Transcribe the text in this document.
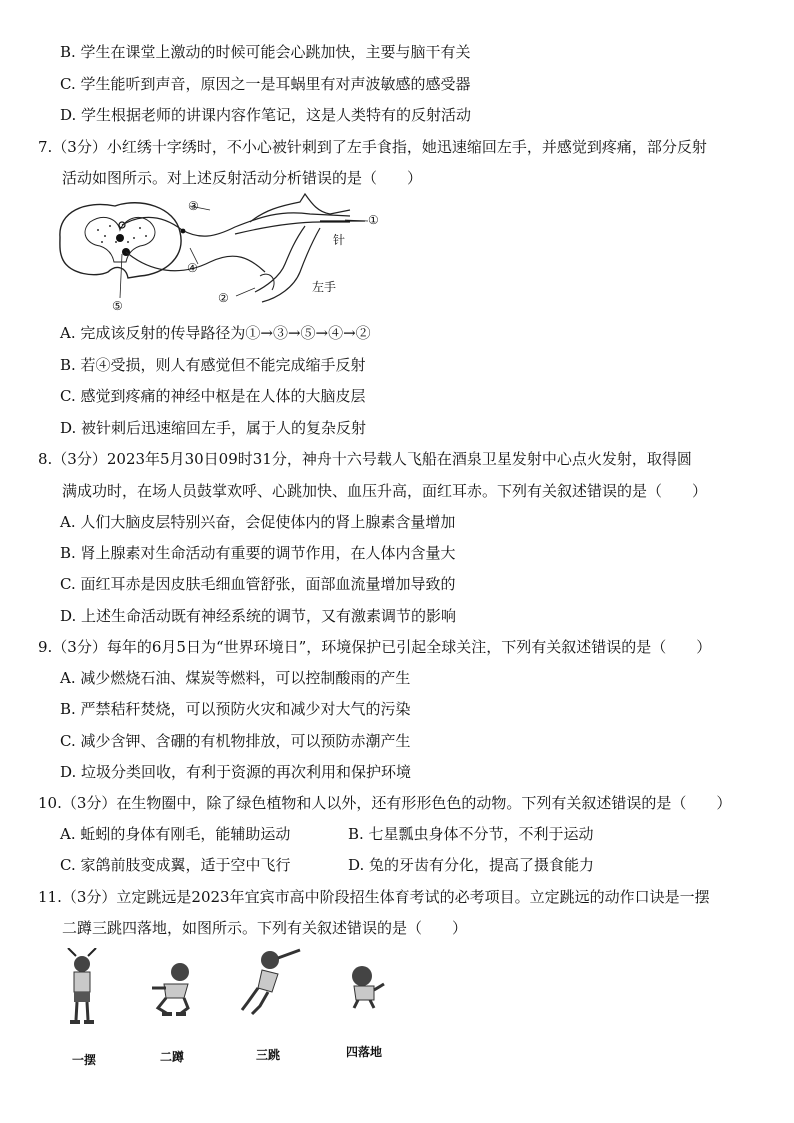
B. 学生在课堂上激动的时候可能会心跳加快，主要与脑干有关
C. 学生能听到声音，原因之一是耳蜗里有对声波敏感的感受器
D. 学生根据老师的讲课内容作笔记，这是人类特有的反射活动
7.（3分）小红绣十字绣时，不小心被针刺到了左手食指，她迅速缩回左手，并感觉到疼痛，部分反射
活动如图所示。对上述反射活动分析错误的是（　　）
③
①
针
④
左手
②
⑤
A. 完成该反射的传导路径为①→③→⑤→④→②
B. 若④受损，则人有感觉但不能完成缩手反射
C. 感觉到疼痛的神经中枢是在人体的大脑皮层
D. 被针刺后迅速缩回左手，属于人的复杂反射
8.（3分）2023年5月30日09时31分，神舟十六号载人飞船在酒泉卫星发射中心点火发射，取得圆
满成功时，在场人员鼓掌欢呼、心跳加快、血压升高，面红耳赤。下列有关叙述错误的是（　　）
A. 人们大脑皮层特别兴奋，会促使体内的肾上腺素含量增加
B. 肾上腺素对生命活动有重要的调节作用，在人体内含量大
C. 面红耳赤是因皮肤毛细血管舒张，面部血流量增加导致的
D. 上述生命活动既有神经系统的调节，又有激素调节的影响
9.（3分）每年的6月5日为“世界环境日”，环境保护已引起全球关注，下列有关叙述错误的是（　　）
A. 减少燃烧石油、煤炭等燃料，可以控制酸雨的产生
B. 严禁秸秆焚烧，可以预防火灾和减少对大气的污染
C. 减少含钾、含硼的有机物排放，可以预防赤潮产生
D. 垃圾分类回收，有利于资源的再次利用和保护环境
10.（3分）在生物圈中，除了绿色植物和人以外，还有形形色色的动物。下列有关叙述错误的是（　　）
A. 蚯蚓的身体有刚毛，能辅助运动	B. 七星瓢虫身体不分节，不利于运动
C. 家鸽前肢变成翼，适于空中飞行	D. 兔的牙齿有分化，提高了摄食能力
11.（3分）立定跳远是2023年宜宾市高中阶段招生体育考试的必考项目。立定跳远的动作口诀是一摆
二蹲三跳四落地，如图所示。下列有关叙述错误的是（　　）
一摆	二蹲	三跳	四落地
